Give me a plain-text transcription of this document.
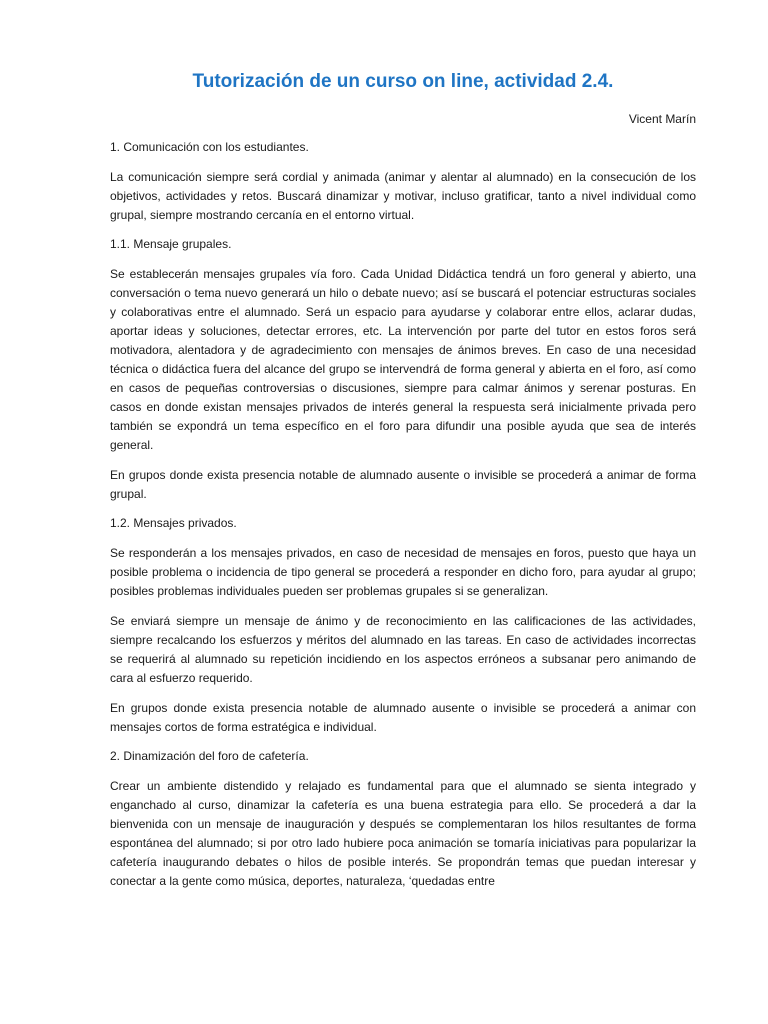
Tutorización de un curso on line, actividad 2.4.
Vicent Marín
1. Comunicación con los estudiantes.

La comunicación siempre será cordial y animada (animar y alentar al alumnado) en la consecución de los objetivos, actividades y retos. Buscará dinamizar y motivar, incluso gratificar, tanto a nivel individual como grupal, siempre mostrando cercanía en el entorno virtual.

1.1. Mensaje grupales.

Se establecerán mensajes grupales vía foro. Cada Unidad Didáctica tendrá un foro general y abierto, una conversación o tema nuevo generará un hilo o debate nuevo; así se buscará el potenciar estructuras sociales y colaborativas entre el alumnado. Será un espacio para ayudarse y colaborar entre ellos, aclarar dudas, aportar ideas y soluciones, detectar errores, etc. La intervención por parte del tutor en estos foros será motivadora, alentadora y de agradecimiento con mensajes de ánimos breves. En caso de una necesidad técnica o didáctica fuera del alcance del grupo se intervendrá de forma general y abierta en el foro, así como en casos de pequeñas controversias o discusiones, siempre para calmar ánimos y serenar posturas. En casos en donde existan mensajes privados de interés general la respuesta será inicialmente privada pero también se expondrá un tema específico en el foro para difundir una posible ayuda que sea de interés general.

En grupos donde exista presencia notable de alumnado ausente o invisible se procederá a animar de forma grupal.

1.2. Mensajes privados.

Se responderán a los mensajes privados, en caso de necesidad de mensajes en foros, puesto que haya un posible problema o incidencia de tipo general se procederá a responder en dicho foro, para ayudar al grupo; posibles problemas individuales pueden ser problemas grupales si se generalizan.

Se enviará siempre un mensaje de ánimo y de reconocimiento en las calificaciones de las actividades, siempre recalcando los esfuerzos y méritos del alumnado en las tareas. En caso de actividades incorrectas se requerirá al alumnado su repetición incidiendo en los aspectos erróneos a subsanar pero animando de cara al esfuerzo requerido.

En grupos donde exista presencia notable de alumnado ausente o invisible se procederá a animar con mensajes cortos de forma estratégica e individual.

2. Dinamización del foro de cafetería.

Crear un ambiente distendido y relajado es fundamental para que el alumnado se sienta integrado y enganchado al curso, dinamizar la cafetería es una buena estrategia para ello. Se procederá a dar la bienvenida con un mensaje de inauguración y después se complementaran los hilos resultantes de forma espontánea del alumnado; si por otro lado hubiere poca animación se tomaría iniciativas para popularizar la cafetería inaugurando debates o hilos de posible interés. Se propondrán temas que puedan interesar y conectar a la gente como música, deportes, naturaleza, ‘quedadas entre
